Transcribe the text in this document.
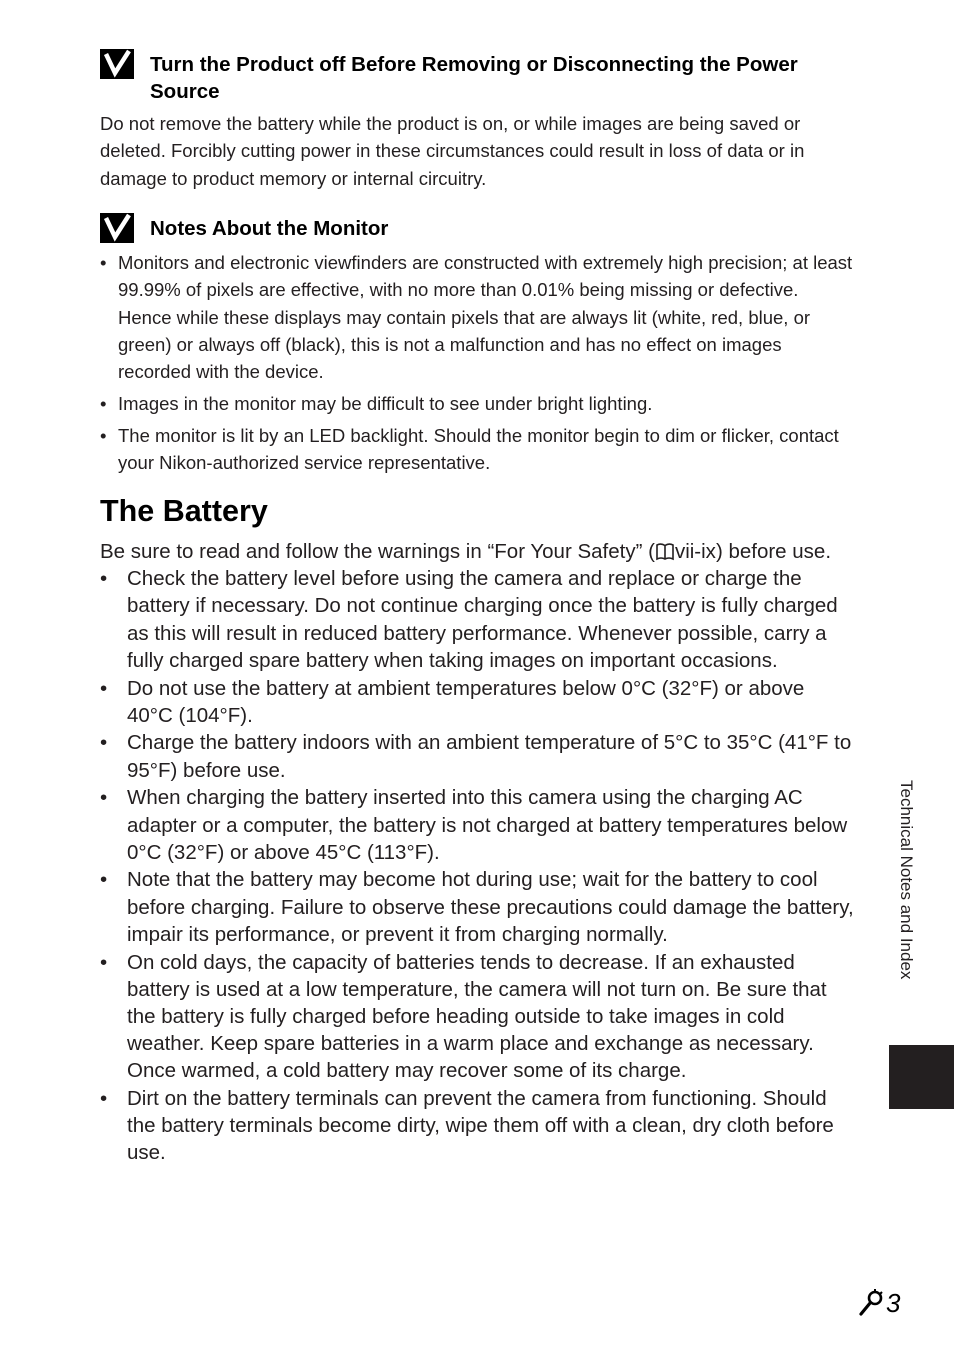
Turn the Product off Before Removing or Disconnecting the Power Source

Do not remove the battery while the product is on, or while images are being saved or deleted. Forcibly cutting power in these circumstances could result in loss of data or in damage to product memory or internal circuitry.

Notes About the Monitor
• Monitors and electronic viewfinders are constructed with extremely high precision; at least 99.99% of pixels are effective, with no more than 0.01% being missing or defective. Hence while these displays may contain pixels that are always lit (white, red, blue, or green) or always off (black), this is not a malfunction and has no effect on images recorded with the device.
• Images in the monitor may be difficult to see under bright lighting.
• The monitor is lit by an LED backlight. Should the monitor begin to dim or flicker, contact your Nikon-authorized service representative.
The Battery

Be sure to read and follow the warnings in “For Your Safety” ( vii-ix) before use.

• Check the battery level before using the camera and replace or charge the battery if necessary. Do not continue charging once the battery is fully charged as this will result in reduced battery performance. Whenever possible, carry a fully charged spare battery when taking images on important occasions.
• Do not use the battery at ambient temperatures below 0°C (32°F) or above 40°C (104°F).
• Charge the battery indoors with an ambient temperature of 5°C to 35°C (41°F to 95°F) before use.
• When charging the battery inserted into this camera using the charging AC adapter or a computer, the battery is not charged at battery temperatures below 0°C (32°F) or above 45°C (113°F).
• Note that the battery may become hot during use; wait for the battery to cool before charging. Failure to observe these precautions could damage the battery, impair its performance, or prevent it from charging normally.
• On cold days, the capacity of batteries tends to decrease. If an exhausted battery is used at a low temperature, the camera will not turn on. Be sure that the battery is fully charged before heading outside to take images in cold weather. Keep spare batteries in a warm place and exchange as necessary. Once warmed, a cold battery may recover some of its charge.
• Dirt on the battery terminals can prevent the camera from functioning. Should the battery terminals become dirty, wipe them off with a clean, dry cloth before use.
Technical Notes and Index
3
